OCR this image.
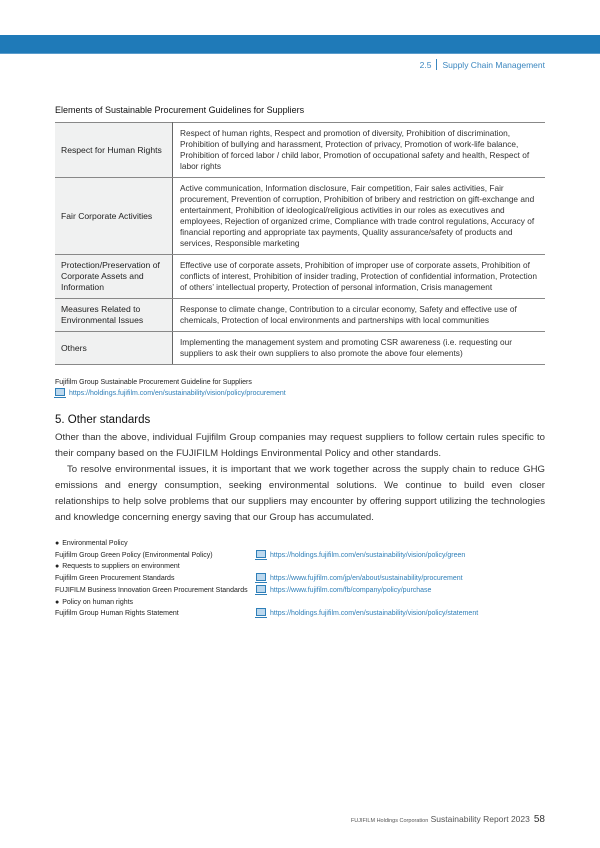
2.5 Supply Chain Management
Elements of Sustainable Procurement Guidelines for Suppliers
Respect for Human Rights	Respect of human rights, Respect and promotion of diversity, Prohibition of discrimination, Prohibition of bullying and harassment, Protection of privacy, Promotion of work-life balance, Prohibition of forced labor / child labor, Promotion of occupational safety and health, Respect of labor rights
Fair Corporate Activities	Active communication, Information disclosure, Fair competition, Fair sales activities, Fair procurement, Prevention of corruption, Prohibition of bribery and restriction on gift-exchange and entertainment, Prohibition of ideological/religious activities in our roles as executives and employees, Rejection of organized crime, Compliance with trade control regulations, Accuracy of financial reporting and appropriate tax payments, Quality assurance/safety of products and services, Responsible marketing
Protection/Preservation of Corporate Assets and Information	Effective use of corporate assets, Prohibition of improper use of corporate assets, Prohibition of conflicts of interest, Prohibition of insider trading, Protection of confidential information, Protection of others’ intellectual property, Protection of personal information, Crisis management
Measures Related to Environmental Issues	Response to climate change, Contribution to a circular economy, Safety and effective use of chemicals, Protection of local environments and partnerships with local communities
Others	Implementing the management system and promoting CSR awareness (i.e. requesting our suppliers to ask their own suppliers to also promote the above four elements)
Fujifilm Group Sustainable Procurement Guideline for Suppliers
https://holdings.fujifilm.com/en/sustainability/vision/policy/procurement
5. Other standards

Other than the above, individual Fujifilm Group companies may request suppliers to follow certain rules specific to their company based on the FUJIFILM Holdings Environmental Policy and other standards.

To resolve environmental issues, it is important that we work together across the supply chain to reduce GHG emissions and energy consumption, seeking environmental solutions. We continue to build even closer relationships to help solve problems that our suppliers may encounter by offering support utilizing the technologies and knowledge concerning energy saving that our Group has accumulated.

● Environmental Policy
Fujifilm Group Green Policy (Environmental Policy)	https://holdings.fujifilm.com/en/sustainability/vision/policy/green
● Requests to suppliers on environment
Fujifilm Green Procurement Standards	https://www.fujifilm.com/jp/en/about/sustainability/procurement
FUJIFILM Business Innovation Green Procurement Standards	https://www.fujifilm.com/fb/company/policy/purchase
● Policy on human rights
Fujifilm Group Human Rights Statement	https://holdings.fujifilm.com/en/sustainability/vision/policy/statement
FUJIFILM Holdings Corporation Sustainability Report 2023 58
